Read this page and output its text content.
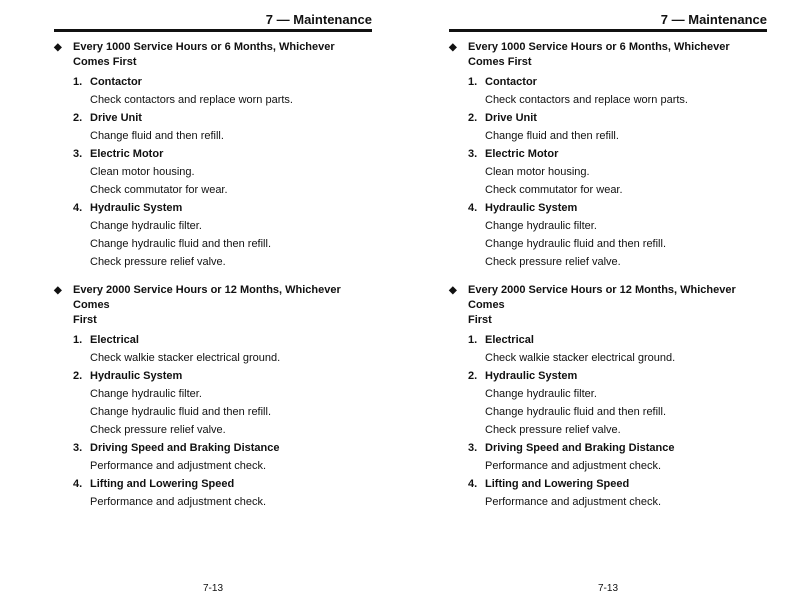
7 — Maintenance
◆ Every 1000 Service Hours or 6 Months, Whichever Comes First
1. Contactor
Check contactors and replace worn parts.
2. Drive Unit
Change fluid and then refill.
3. Electric Motor
Clean motor housing.
Check commutator for wear.
4. Hydraulic System
Change hydraulic filter.
Change hydraulic fluid and then refill.
Check pressure relief valve.
◆ Every 2000 Service Hours or 12 Months, Whichever Comes
First
1. Electrical
Check walkie stacker electrical ground.
2. Hydraulic System
Change hydraulic filter.
Change hydraulic fluid and then refill.
Check pressure relief valve.
3. Driving Speed and Braking Distance
Performance and adjustment check.
4. Lifting and Lowering Speed
Performance and adjustment check.
7-13
7 — Maintenance
◆ Every 1000 Service Hours or 6 Months, Whichever Comes First
1. Contactor
Check contactors and replace worn parts.
2. Drive Unit
Change fluid and then refill.
3. Electric Motor
Clean motor housing.
Check commutator for wear.
4. Hydraulic System
Change hydraulic filter.
Change hydraulic fluid and then refill.
Check pressure relief valve.
◆ Every 2000 Service Hours or 12 Months, Whichever Comes
First
1. Electrical
Check walkie stacker electrical ground.
2. Hydraulic System
Change hydraulic filter.
Change hydraulic fluid and then refill.
Check pressure relief valve.
3. Driving Speed and Braking Distance
Performance and adjustment check.
4. Lifting and Lowering Speed
Performance and adjustment check.
7-13
